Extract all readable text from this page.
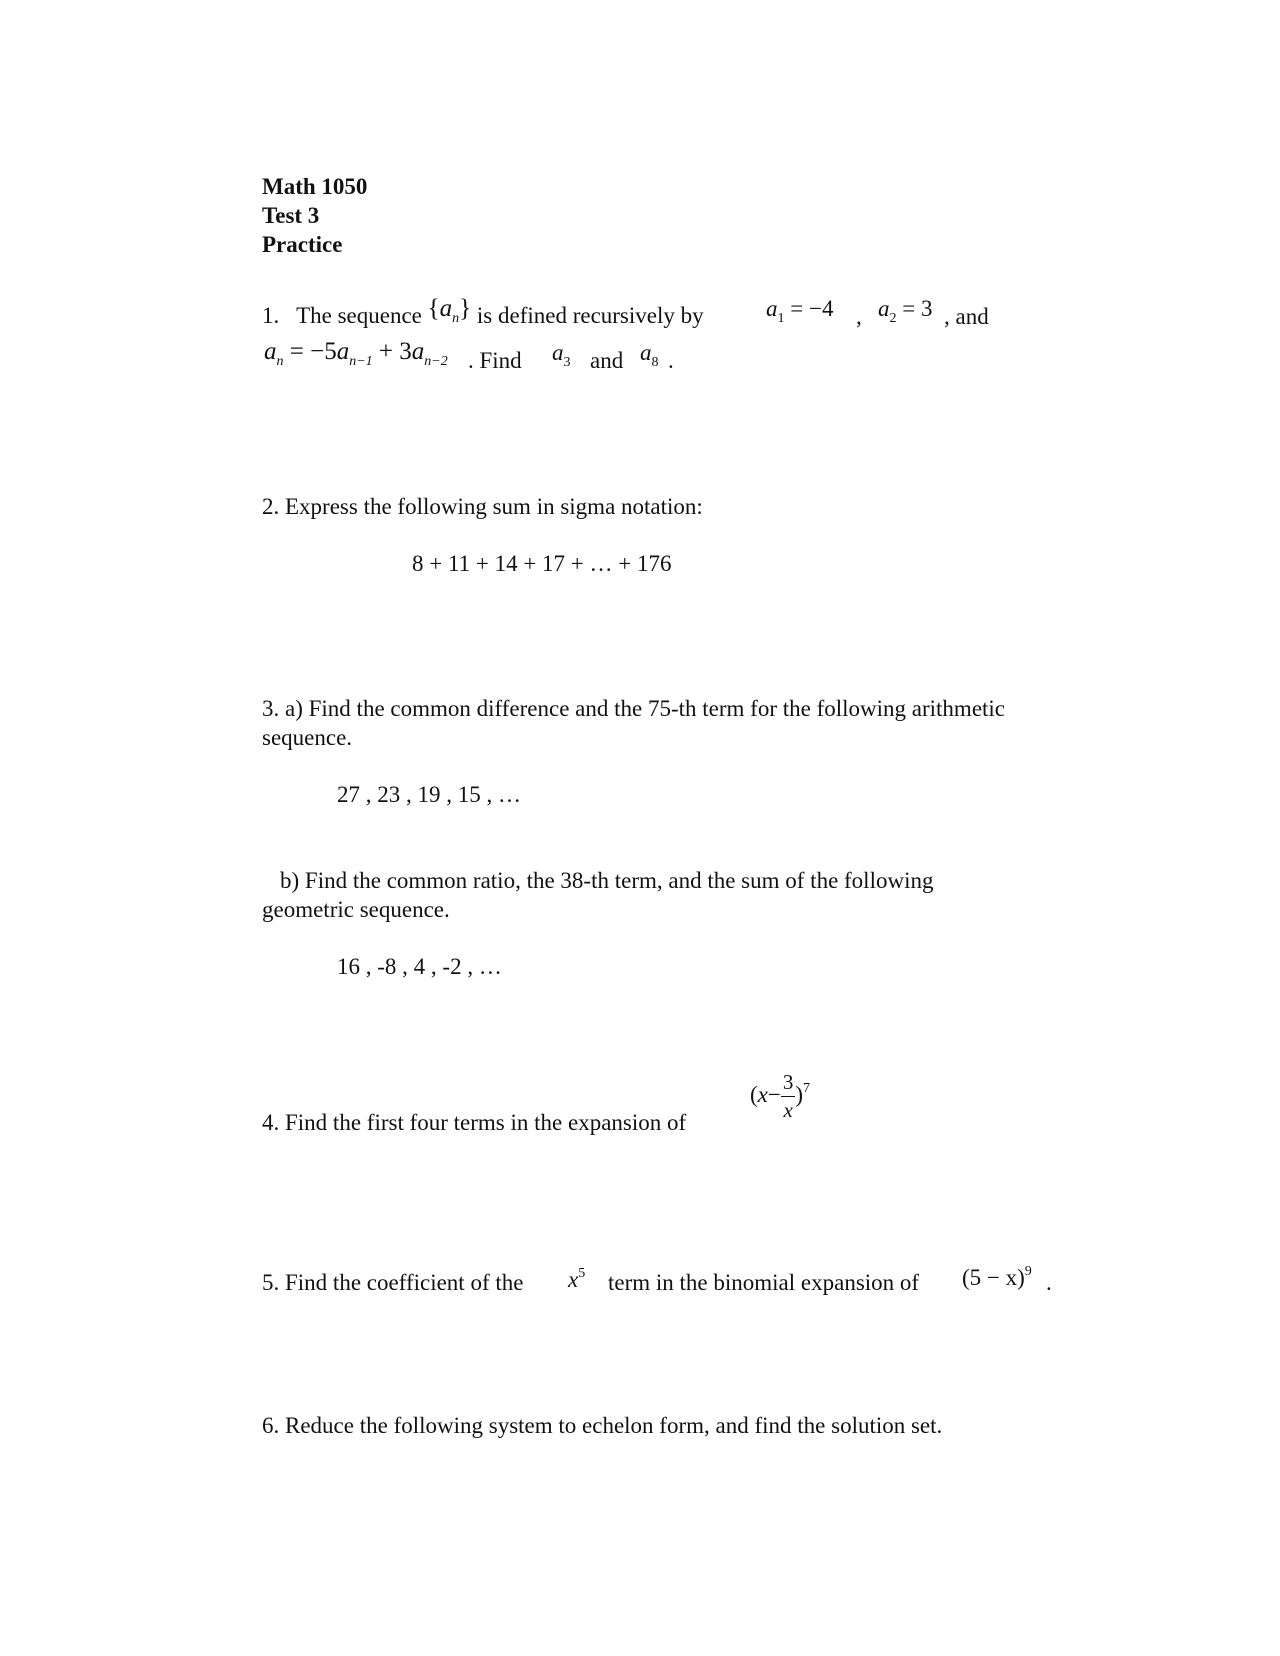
Math 1050
Test 3
Practice
1. The sequence $\{a_n\}$ is defined recursively by	$a_1 = -4$ , $a_2 = 3$ , and
$a_n = -5a_{n-1} + 3a_{n-2}$ . Find $a_3$ and $a_8$ .
2. Express the following sum in sigma notation:
8 + 11 + 14 + 17 + … + 176
3. a) Find the common difference and the 75-th term for the following arithmetic
sequence.
27 , 23 , 19 , 15 , …
b) Find the common ratio, the 38-th term, and the sum of the following
geometric sequence.
16 , -8 , 4 , -2 , …
4. Find the first four terms in the expansion of
$(x- \frac{3}{x} )^7$
5. Find the coefficient of the $x^5$ term in the binomial expansion of $(5 - x)^9$ .
6. Reduce the following system to echelon form, and find the solution set.
